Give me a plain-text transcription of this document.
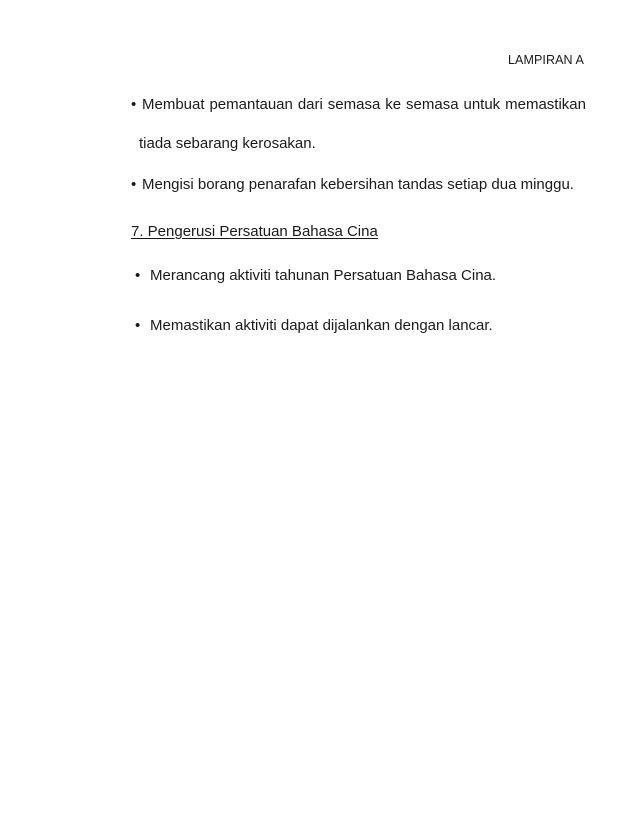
LAMPIRAN A
• Membuat pemantauan dari semasa ke semasa untuk memastikan
tiada sebarang kerosakan.
• Mengisi borang penarafan kebersihan tandas setiap dua minggu.
7. Pengerusi Persatuan Bahasa Cina
• Merancang aktiviti tahunan Persatuan Bahasa Cina.
• Memastikan aktiviti dapat dijalankan dengan lancar.
